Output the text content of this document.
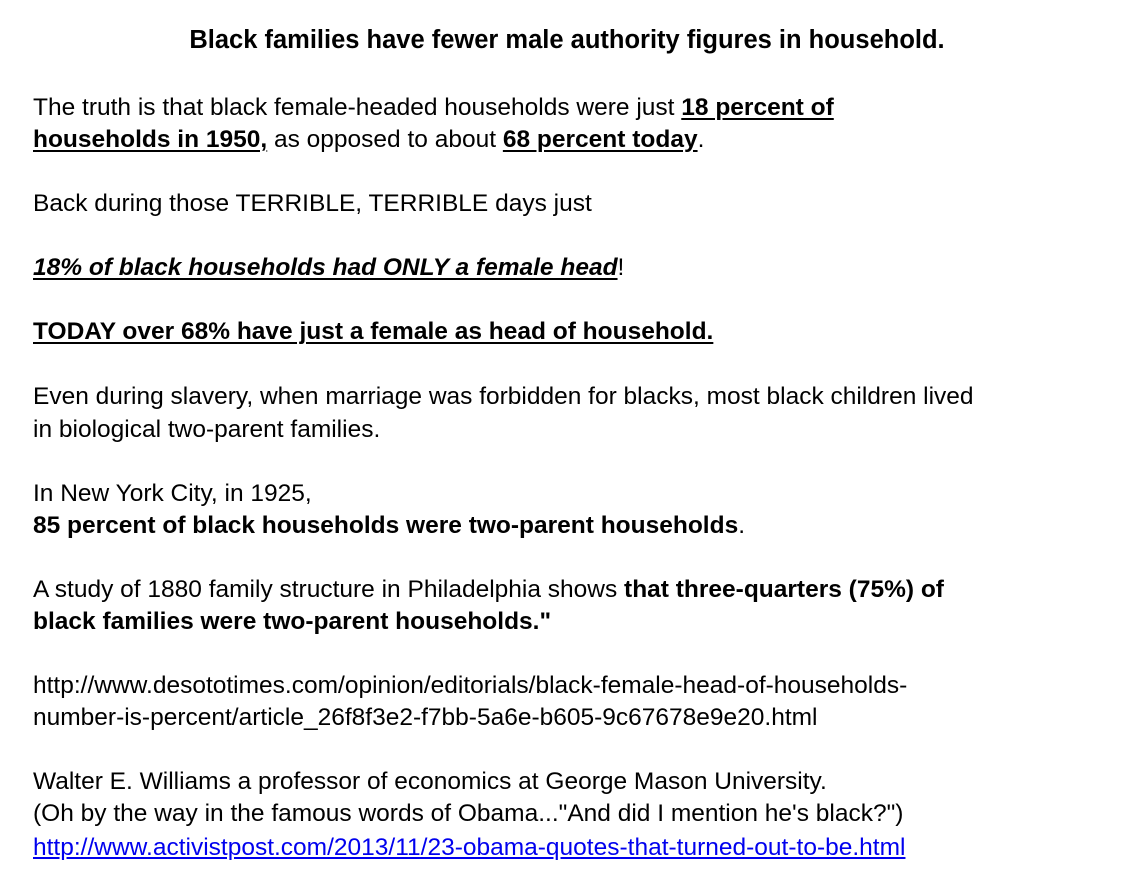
Black families have fewer male authority figures in household.
The truth is that black female-headed households were just 18 percent of
households in 1950, as opposed to about 68 percent today.
Back during those TERRIBLE, TERRIBLE days just
18% of black households had ONLY a female head!
TODAY over 68% have just a female as head of household.
Even during slavery, when marriage was forbidden for blacks, most black children lived
in biological two-parent families.
In New York City, in 1925,
85 percent of black households were two-parent households.
A study of 1880 family structure in Philadelphia shows that three-quarters (75%) of
black families were two-parent households."
http://www.desototimes.com/opinion/editorials/black-female-head-of-households-
number-is-percent/article_26f8f3e2-f7bb-5a6e-b605-9c67678e9e20.html
Walter E. Williams a professor of economics at George Mason University.
(Oh by the way in the famous words of Obama..."And did I mention he's black?")
http://www.activistpost.com/2013/11/23-obama-quotes-that-turned-out-to-be.html
